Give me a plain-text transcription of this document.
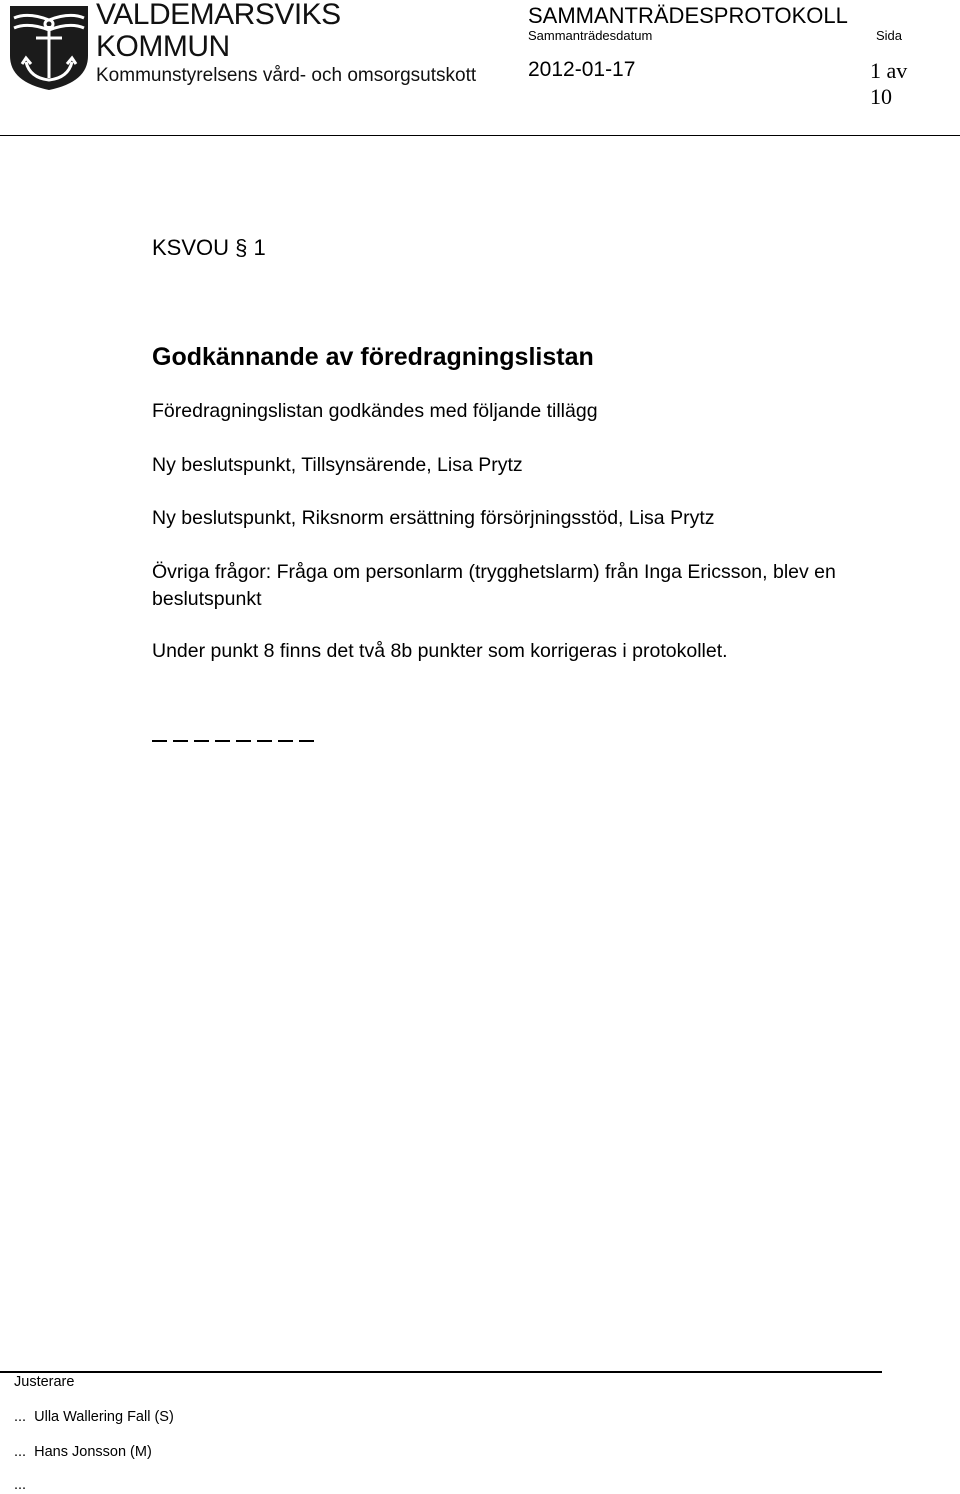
VALDEMARSVIKS
KOMMUN
Kommunstyrelsens vård- och omsorgsutskott
SAMMANTRÄDESPROTOKOLL
Sammanträdesdatum	Sida
2012-01-17	1 av 10
KSVOU § 1
Godkännande av föredragningslistan
Föredragningslistan godkändes med följande tillägg
Ny beslutspunkt, Tillsynsärende, Lisa Prytz
Ny beslutspunkt, Riksnorm ersättning försörjningsstöd, Lisa Prytz
Övriga frågor: Fråga om personlarm (trygghetslarm) från Inga Ericsson, blev en beslutspunkt
Under punkt 8 finns det två 8b punkter som korrigeras i protokollet.
Justerare
...  Ulla Wallering Fall (S)
...  Hans Jonsson (M)
...
